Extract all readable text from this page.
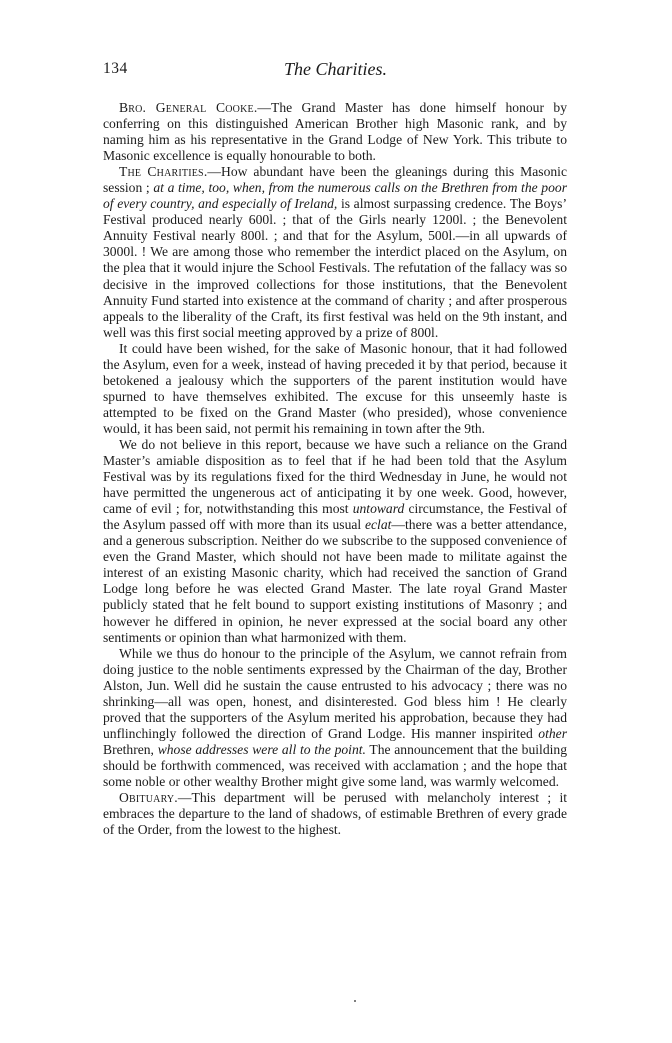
134	The Charities.

Bro. General Cooke.—The Grand Master has done himself honour by conferring on this distinguished American Brother high Masonic rank, and by naming him as his representative in the Grand Lodge of New York. This tribute to Masonic excellence is equally honourable to both.

The Charities.—How abundant have been the gleanings during this Masonic session ; at a time, too, when, from the numerous calls on the Brethren from the poor of every country, and especially of Ireland, is almost surpassing credence. The Boys’ Festival produced nearly 600l. ; that of the Girls nearly 1200l. ; the Benevolent Annuity Festival nearly 800l. ; and that for the Asylum, 500l.—in all upwards of 3000l. ! We are among those who remember the interdict placed on the Asylum, on the plea that it would injure the School Festivals. The refutation of the fallacy was so decisive in the improved collections for those institutions, that the Benevolent Annuity Fund started into existence at the command of charity ; and after prosperous appeals to the liberality of the Craft, its first festival was held on the 9th instant, and well was this first social meeting approved by a prize of 800l.

It could have been wished, for the sake of Masonic honour, that it had followed the Asylum, even for a week, instead of having preceded it by that period, because it betokened a jealousy which the supporters of the parent institution would have spurned to have themselves exhibited. The excuse for this unseemly haste is attempted to be fixed on the Grand Master (who presided), whose convenience would, it has been said, not permit his remaining in town after the 9th.

We do not believe in this report, because we have such a reliance on the Grand Master’s amiable disposition as to feel that if he had been told that the Asylum Festival was by its regulations fixed for the third Wednesday in June, he would not have permitted the ungenerous act of anticipating it by one week. Good, however, came of evil ; for, notwithstanding this most untoward circumstance, the Festival of the Asylum passed off with more than its usual eclat—there was a better attendance, and a generous subscription. Neither do we subscribe to the supposed convenience of even the Grand Master, which should not have been made to militate against the interest of an existing Masonic charity, which had received the sanction of Grand Lodge long before he was elected Grand Master. The late royal Grand Master publicly stated that he felt bound to support existing institutions of Masonry ; and however he differed in opinion, he never expressed at the social board any other sentiments or opinion than what harmonized with them.

While we thus do honour to the principle of the Asylum, we cannot refrain from doing justice to the noble sentiments expressed by the Chairman of the day, Brother Alston, Jun. Well did he sustain the cause entrusted to his advocacy ; there was no shrinking—all was open, honest, and disinterested. God bless him ! He clearly proved that the supporters of the Asylum merited his approbation, because they had unflinchingly followed the direction of Grand Lodge. His manner inspirited other Brethren, whose addresses were all to the point. The announcement that the building should be forthwith commenced, was received with acclamation ; and the hope that some noble or other wealthy Brother might give some land, was warmly welcomed.

Obituary.—This department will be perused with melancholy interest ; it embraces the departure to the land of shadows, of estimable Brethren of every grade of the Order, from the lowest to the highest.
